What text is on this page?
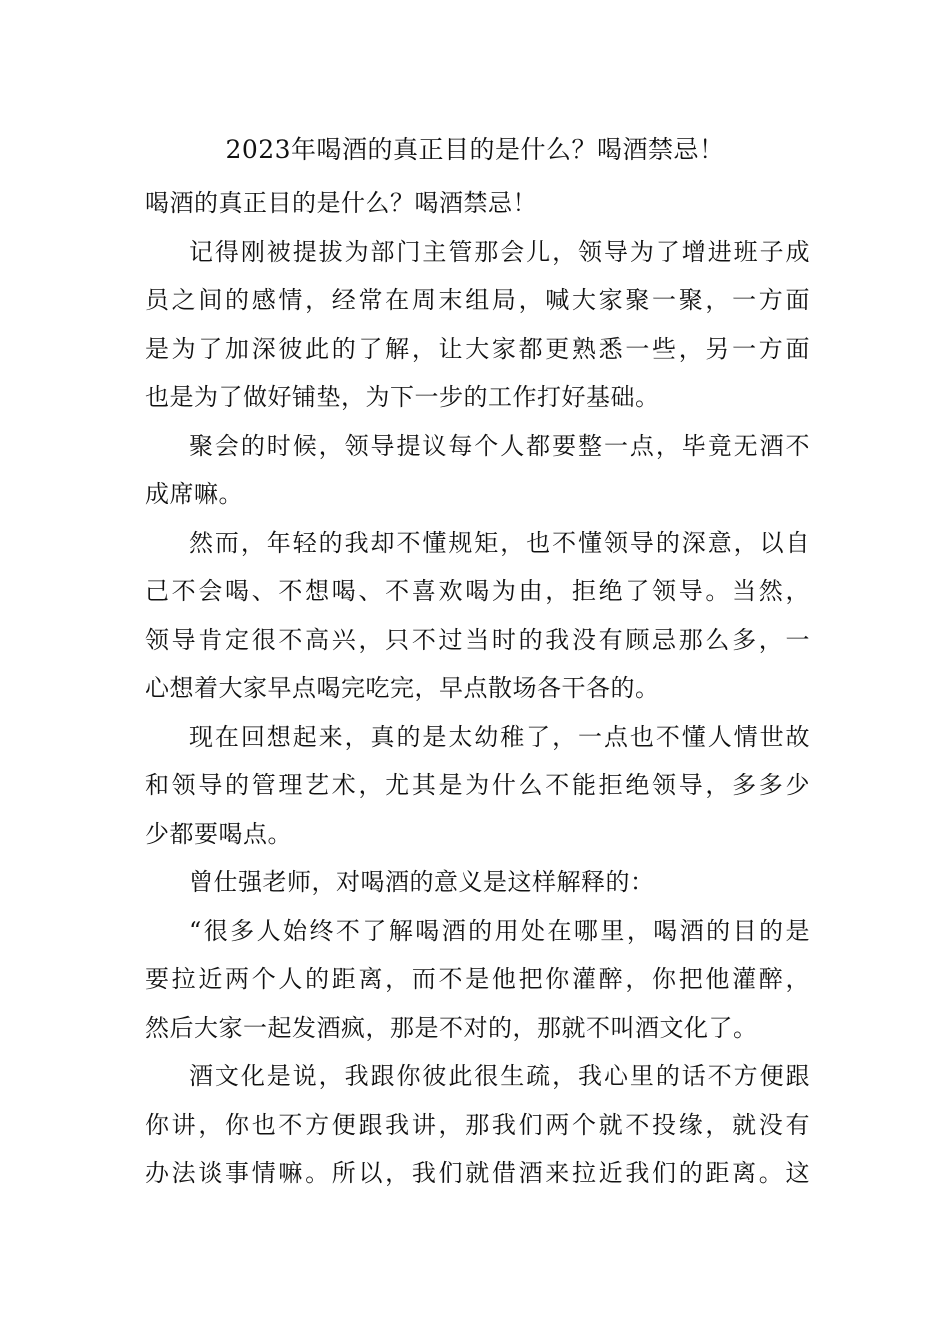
2023年喝酒的真正目的是什么？喝酒禁忌！
喝酒的真正目的是什么？喝酒禁忌！
记得刚被提拔为部门主管那会儿，领导为了增进班子成
员之间的感情，经常在周末组局，喊大家聚一聚，一方面
是为了加深彼此的了解，让大家都更熟悉一些，另一方面
也是为了做好铺垫，为下一步的工作打好基础。
聚会的时候，领导提议每个人都要整一点，毕竟无酒不
成席嘛。
然而，年轻的我却不懂规矩，也不懂领导的深意，以自
己不会喝、不想喝、不喜欢喝为由，拒绝了领导。当然，
领导肯定很不高兴，只不过当时的我没有顾忌那么多，一
心想着大家早点喝完吃完，早点散场各干各的。
现在回想起来，真的是太幼稚了，一点也不懂人情世故
和领导的管理艺术，尤其是为什么不能拒绝领导，多多少
少都要喝点。
曾仕强老师，对喝酒的意义是这样解释的：
“很多人始终不了解喝酒的用处在哪里，喝酒的目的是
要拉近两个人的距离，而不是他把你灌醉，你把他灌醉，
然后大家一起发酒疯，那是不对的，那就不叫酒文化了。
酒文化是说，我跟你彼此很生疏，我心里的话不方便跟
你讲，你也不方便跟我讲，那我们两个就不投缘，就没有
办法谈事情嘛。所以，我们就借酒来拉近我们的距离。这
